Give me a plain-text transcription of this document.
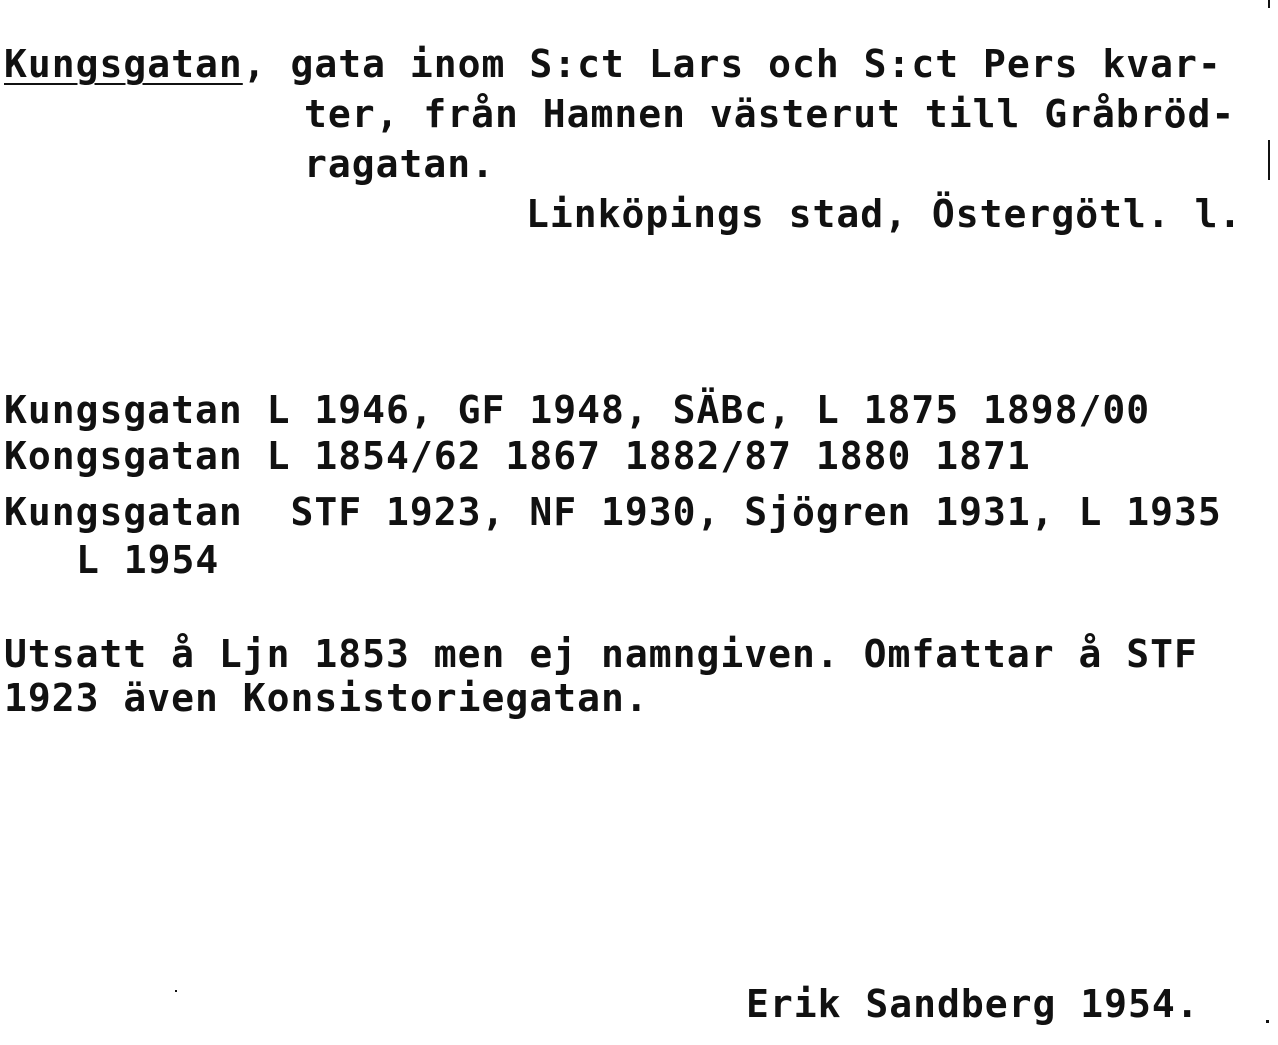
Kungsgatan, gata inom S:ct Lars och S:ct Pers kvar-
ter, från Hamnen västerut till Gråbröd-
ragatan.
Linköpings stad, Östergötl. l.
Kungsgatan L 1946, GF 1948, SÄBc, L 1875 1898/00
Kongsgatan L 1854/62 1867 1882/87 1880 1871
Kungsgatan  STF 1923, NF 1930, Sjögren 1931, L 1935
L 1954
Utsatt å Ljn 1853 men ej namngiven. Omfattar å STF
1923 även Konsistoriegatan.
Erik Sandberg 1954.
